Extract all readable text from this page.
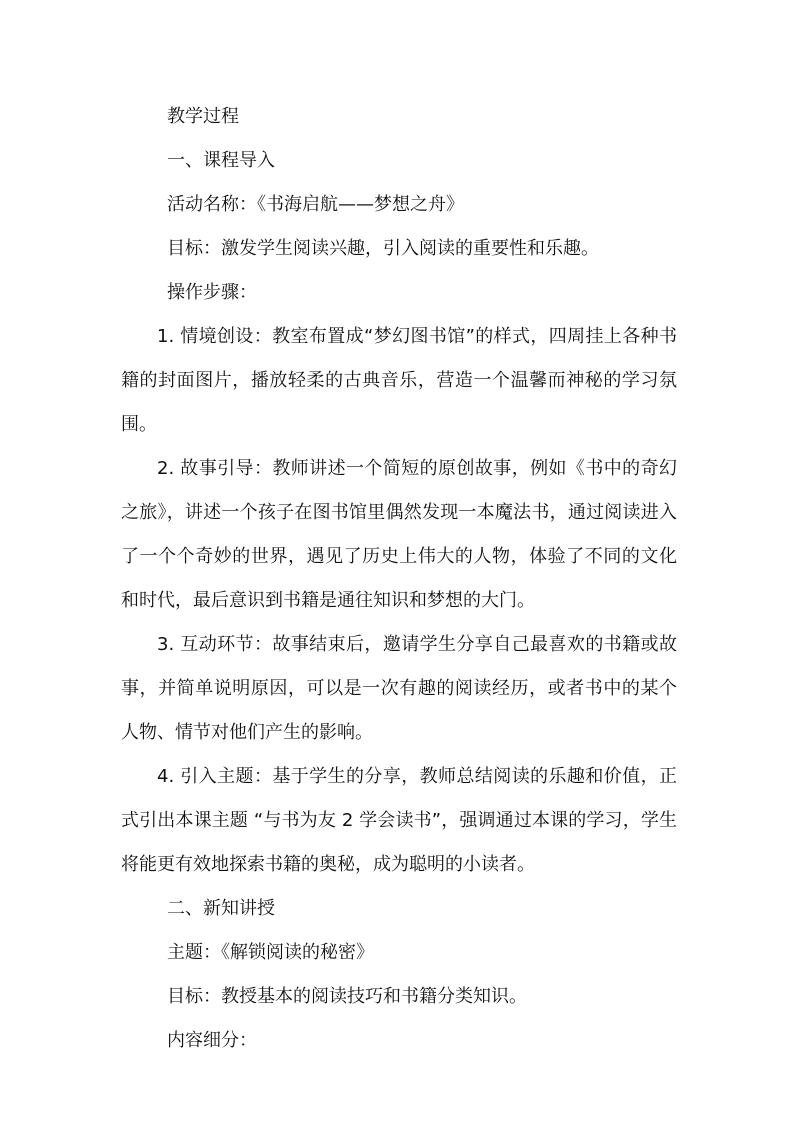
教学过程
一、课程导入
活动名称：《书海启航——梦想之舟》
目标：激发学生阅读兴趣，引入阅读的重要性和乐趣。
操作步骤：
1. 情境创设：教室布置成“梦幻图书馆”的样式，四周挂上各种书籍的封面图片，播放轻柔的古典音乐，营造一个温馨而神秘的学习氛围。
2. 故事引导：教师讲述一个简短的原创故事，例如《书中的奇幻之旅》，讲述一个孩子在图书馆里偶然发现一本魔法书，通过阅读进入了一个个奇妙的世界，遇见了历史上伟大的人物，体验了不同的文化和时代，最后意识到书籍是通往知识和梦想的大门。
3. 互动环节：故事结束后，邀请学生分享自己最喜欢的书籍或故事，并简单说明原因，可以是一次有趣的阅读经历，或者书中的某个人物、情节对他们产生的影响。
4. 引入主题：基于学生的分享，教师总结阅读的乐趣和价值，正式引出本课主题 “与书为友 2 学会读书”，强调通过本课的学习，学生将能更有效地探索书籍的奥秘，成为聪明的小读者。
二、新知讲授
主题：《解锁阅读的秘密》
目标：教授基本的阅读技巧和书籍分类知识。
内容细分：
